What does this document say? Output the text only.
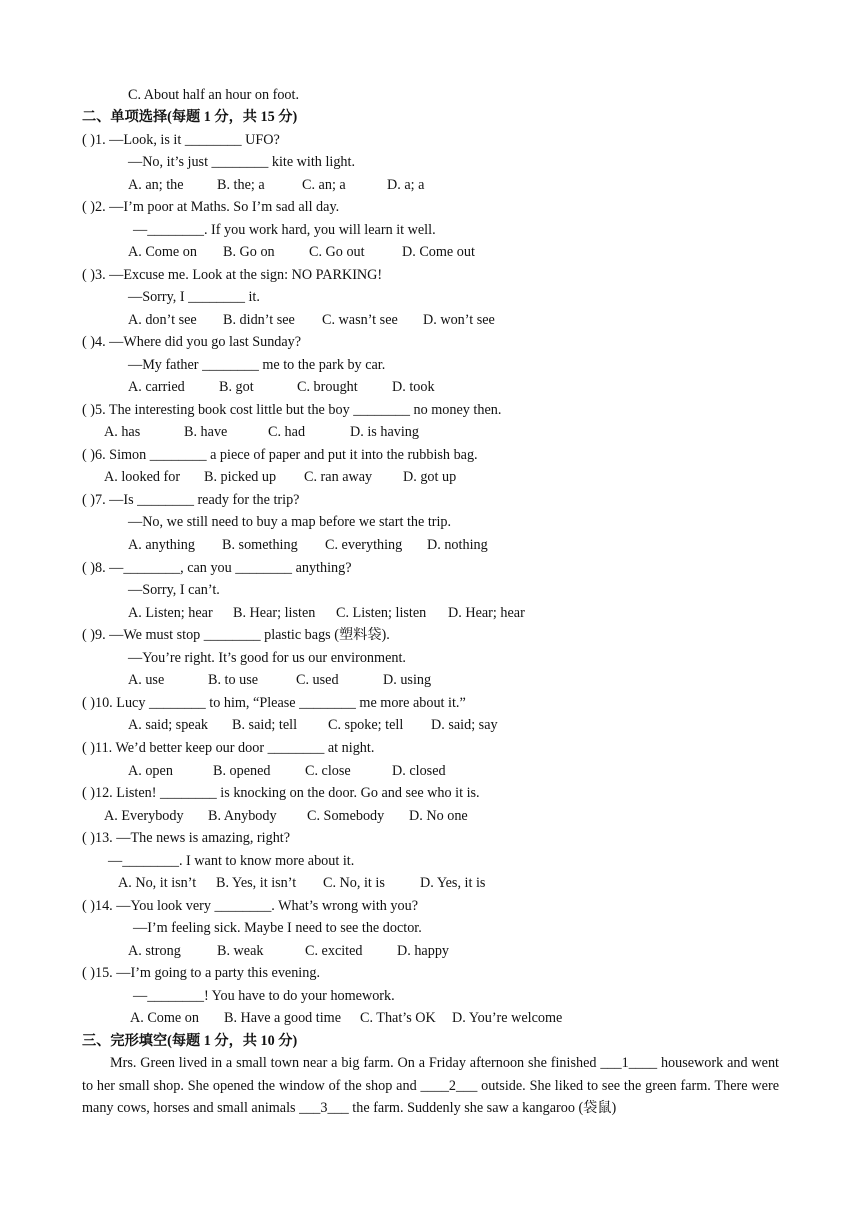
C. About half an hour on foot.
二、单项选择(每题 1 分，共 15 分)
( )1. —Look, is it ________ UFO?
—No, it’s just ________ kite with light.
A. an; the B. the; a	C. an; a	D. a; a
( )2. —I’m poor at Maths. So I’m sad all day.
—________. If you work hard, you will learn it well.
A. Come on B. Go on C. Go out	D. Come out
( )3. —Excuse me. Look at the sign: NO PARKING!
—Sorry, I ________ it.
A. don’t see B. didn’t see C. wasn’t see D. won’t see
( )4. —Where did you go last Sunday?
—My father ________ me to the park by car.
A. carried B. got	C. brought D. took
( )5. The interesting book cost little but the boy ________ no money then.
A. has	B. have	C. had	D. is having
( )6. Simon ________ a piece of paper and put it into the rubbish bag.
A. looked for B. picked up C. ran away D. got up
( )7. —Is ________ ready for the trip?
—No, we still need to buy a map before we start the trip.
A. anything B. something C. everything D. nothing
( )8. —________, can you ________ anything?
—Sorry, I can’t.
A. Listen; hear B. Hear; listen C. Listen; listen D. Hear; hear
( )9. —We must stop ________ plastic bags (塑料袋).
—You’re right. It’s good for us our environment.
A. use	B. to use	C. used	D. using
( )10. Lucy ________ to him, “Please ________ me more about it.”
A. said; speak B. said; tell C. spoke; tell D. said; say
( )11. We’d better keep our door ________ at night.
A. open	B. opened C. close	D. closed
( )12. Listen! ________ is knocking on the door. Go and see who it is.
A. Everybody B. Anybody C. Somebody D. No one
( )13. —The news is amazing, right?
—________. I want to know more about it.
A. No, it isn’t B. Yes, it isn’t C. No, it is D. Yes, it is
( )14. —You look very ________. What’s wrong with you?
—I’m feeling sick. Maybe I need to see the doctor.
A. strong	B. weak	C. excited D. happy
( )15. —I’m going to a party this evening.
—________! You have to do your homework.
A. Come on B. Have a good time C. That’s OK D. You’re welcome
三、完形填空(每题 1 分，共 10 分)
Mrs. Green lived in a small town near a big farm. On a Friday afternoon she finished ___1____ housework and went to her small shop. She opened the window of the shop and ____2___ outside. She liked to see the green farm. There were many cows, horses and small animals ___3___ the farm. Suddenly she saw a kangaroo (袋鼠)
